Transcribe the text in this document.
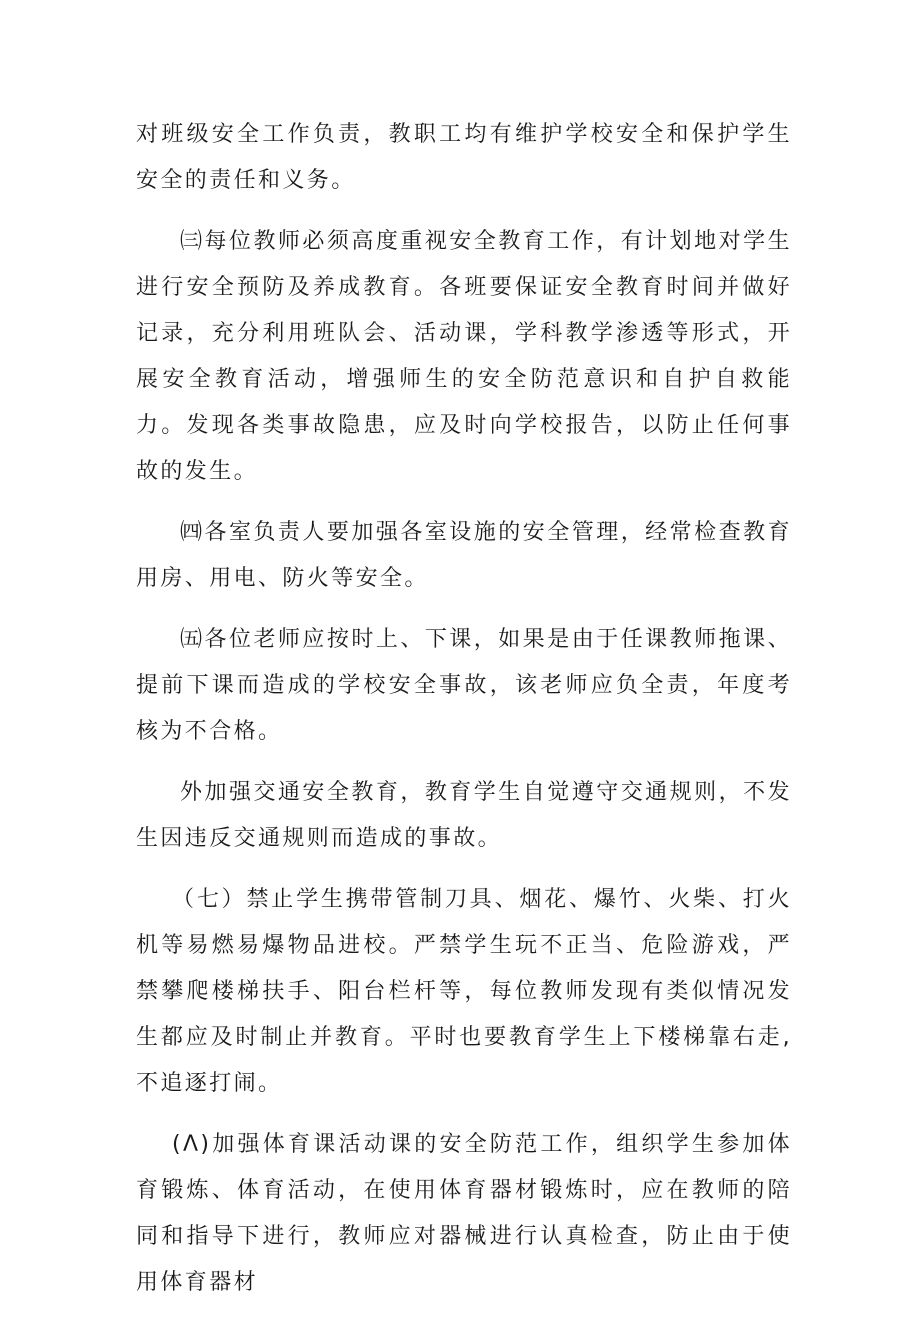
对班级安全工作负责，教职工均有维护学校安全和保护学生安全的责任和义务。

㈢每位教师必须高度重视安全教育工作，有计划地对学生进行安全预防及养成教育。各班要保证安全教育时间并做好记录，充分利用班队会、活动课，学科教学渗透等形式，开展安全教育活动，增强师生的安全防范意识和自护自救能力。发现各类事故隐患，应及时向学校报告，以防止任何事故的发生。

㈣各室负责人要加强各室设施的安全管理，经常检查教育用房、用电、防火等安全。

㈤各位老师应按时上、下课，如果是由于任课教师拖课、提前下课而造成的学校安全事故，该老师应负全责，年度考核为不合格。

外加强交通安全教育，教育学生自觉遵守交通规则，不发生因违反交通规则而造成的事故。

（七）禁止学生携带管制刀具、烟花、爆竹、火柴、打火机等易燃易爆物品进校。严禁学生玩不正当、危险游戏，严禁攀爬楼梯扶手、阳台栏杆等，每位教师发现有类似情况发生都应及时制止并教育。平时也要教育学生上下楼梯靠右走,不追逐打闹。

(Λ)加强体育课活动课的安全防范工作，组织学生参加体育锻炼、体育活动，在使用体育器材锻炼时，应在教师的陪同和指导下进行，教师应对器械进行认真检查，防止由于使用体育器材
